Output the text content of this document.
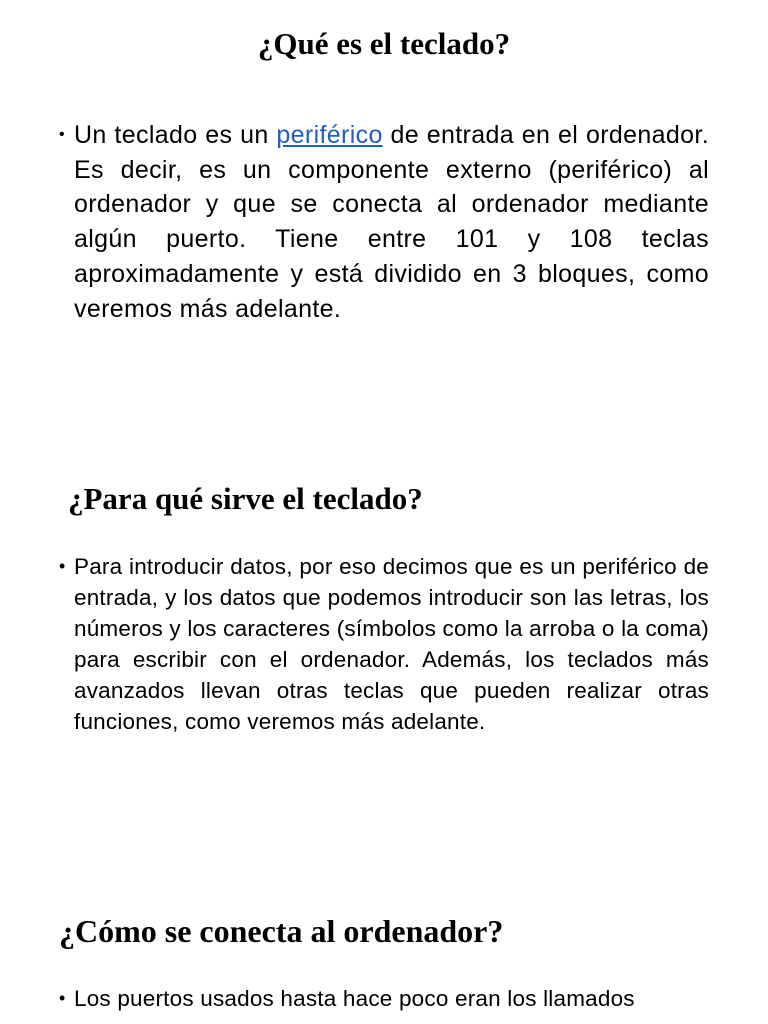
¿Qué es el teclado?

• Un teclado es un periférico de entrada en el ordenador. Es decir, es un componente externo (periférico) al ordenador y que se conecta al ordenador mediante algún puerto. Tiene entre 101 y 108 teclas aproximadamente y está dividido en 3 bloques, como veremos más adelante.

¿Para qué sirve el teclado?

• Para introducir datos, por eso decimos que es un periférico de entrada, y los datos que podemos introducir son las letras, los números y los caracteres (símbolos como la arroba o la coma) para escribir con el ordenador. Además, los teclados más avanzados llevan otras teclas que pueden realizar otras funciones, como veremos más adelante.

¿Cómo se conecta al ordenador?

• Los puertos usados hasta hace poco eran los llamados
